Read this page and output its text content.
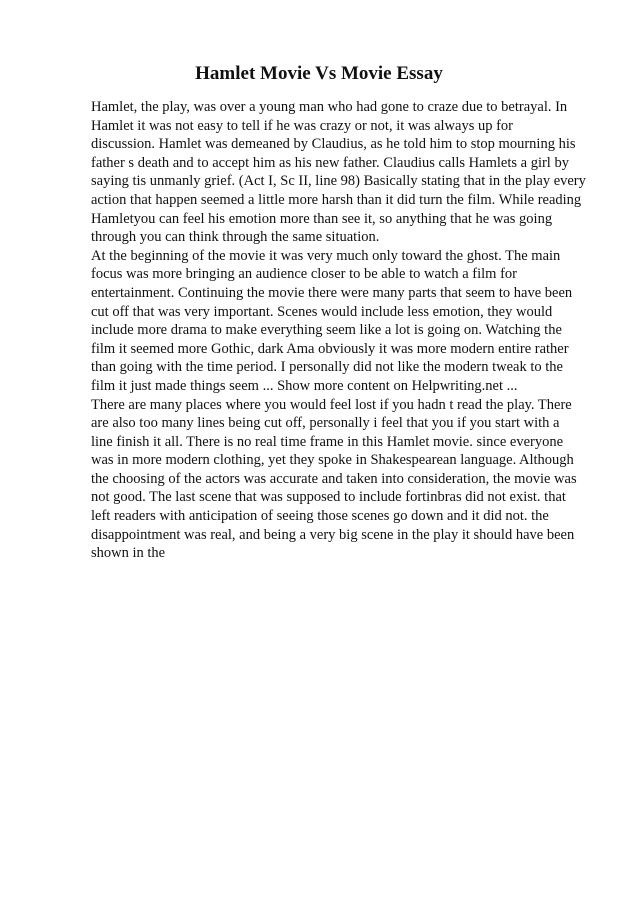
Hamlet Movie Vs Movie Essay
Hamlet, the play, was over a young man who had gone to craze due to betrayal. In
Hamlet it was not easy to tell if he was crazy or not, it was always up for
discussion. Hamlet was demeaned by Claudius, as he told him to stop mourning his
father s death and to accept him as his new father. Claudius calls Hamlets a girl by
saying tis unmanly grief. (Act I, Sc II, line 98) Basically stating that in the play every
action that happen seemed a little more harsh than it did turn the film. While reading
Hamletyou can feel his emotion more than see it, so anything that he was going
through you can think through the same situation.
At the beginning of the movie it was very much only toward the ghost. The main
focus was more bringing an audience closer to be able to watch a film for
entertainment. Continuing the movie there were many parts that seem to have been
cut off that was very important. Scenes would include less emotion, they would
include more drama to make everything seem like a lot is going on. Watching the
film it seemed more Gothic, dark Ama obviously it was more modern entire rather
than going with the time period. I personally did not like the modern tweak to the
film it just made things seem ... Show more content on Helpwriting.net ...
There are many places where you would feel lost if you hadn t read the play. There
are also too many lines being cut off, personally i feel that you if you start with a
line finish it all. There is no real time frame in this Hamlet movie. since everyone
was in more modern clothing, yet they spoke in Shakespearean language. Although
the choosing of the actors was accurate and taken into consideration, the movie was
not good. The last scene that was supposed to include fortinbras did not exist. that
left readers with anticipation of seeing those scenes go down and it did not. the
disappointment was real, and being a very big scene in the play it should have been
shown in the
